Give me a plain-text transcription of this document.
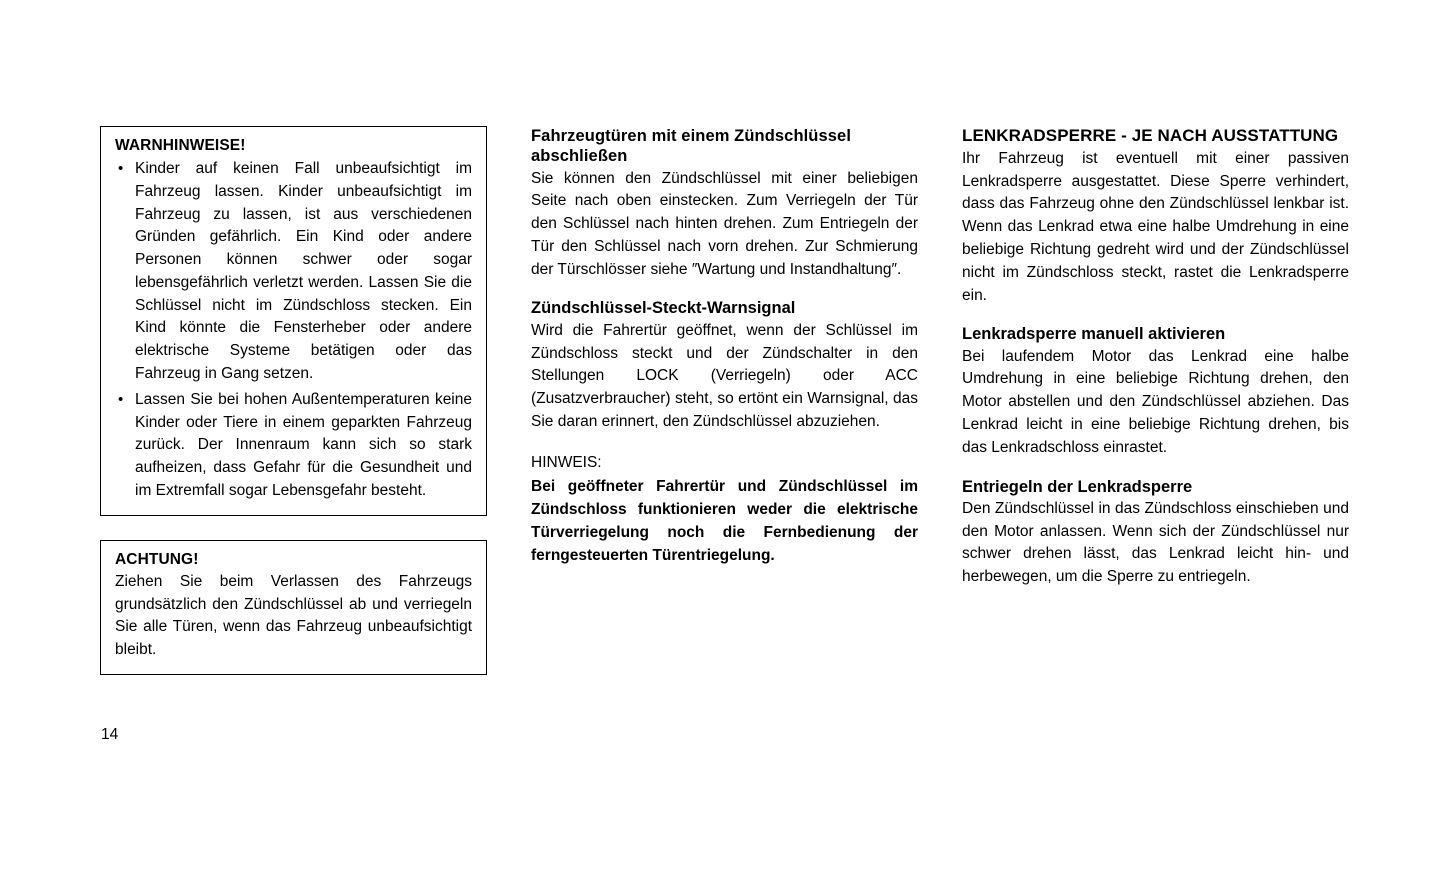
WARNHINWEISE!
• Kinder auf keinen Fall unbeaufsichtigt im Fahrzeug lassen. Kinder unbeaufsichtigt im Fahrzeug zu lassen, ist aus verschiedenen Gründen gefährlich. Ein Kind oder andere Personen können schwer oder sogar lebensgefährlich verletzt werden. Lassen Sie die Schlüssel nicht im Zündschloss stecken. Ein Kind könnte die Fensterheber oder andere elektrische Systeme betätigen oder das Fahrzeug in Gang setzen.
• Lassen Sie bei hohen Außentemperaturen keine Kinder oder Tiere in einem geparkten Fahrzeug zurück. Der Innenraum kann sich so stark aufheizen, dass Gefahr für die Gesundheit und im Extremfall sogar Lebensgefahr besteht.
ACHTUNG!

Ziehen Sie beim Verlassen des Fahrzeugs grundsätzlich den Zündschlüssel ab und verriegeln Sie alle Türen, wenn das Fahrzeug unbeaufsichtigt bleibt.

Fahrzeugtüren mit einem Zündschlüssel abschließen

Sie können den Zündschlüssel mit einer beliebigen Seite nach oben einstecken. Zum Verriegeln der Tür den Schlüssel nach hinten drehen. Zum Entriegeln der Tür den Schlüssel nach vorn drehen. Zur Schmierung der Türschlösser siehe ″Wartung und Instandhaltung″.

Zündschlüssel-Steckt-Warnsignal

Wird die Fahrertür geöffnet, wenn der Schlüssel im Zündschloss steckt und der Zündschalter in den Stellungen LOCK (Verriegeln) oder ACC (Zusatzverbraucher) steht, so ertönt ein Warnsignal, das Sie daran erinnert, den Zündschlüssel abzuziehen.

HINWEIS:

Bei geöffneter Fahrertür und Zündschlüssel im Zündschloss funktionieren weder die elektrische Türverriegelung noch die Fernbedienung der ferngesteuerten Türentriegelung.

LENKRADSPERRE - JE NACH AUSSTATTUNG

Ihr Fahrzeug ist eventuell mit einer passiven Lenkradsperre ausgestattet. Diese Sperre verhindert, dass das Fahrzeug ohne den Zündschlüssel lenkbar ist. Wenn das Lenkrad etwa eine halbe Umdrehung in eine beliebige Richtung gedreht wird und der Zündschlüssel nicht im Zündschloss steckt, rastet die Lenkradsperre ein.

Lenkradsperre manuell aktivieren

Bei laufendem Motor das Lenkrad eine halbe Umdrehung in eine beliebige Richtung drehen, den Motor abstellen und den Zündschlüssel abziehen. Das Lenkrad leicht in eine beliebige Richtung drehen, bis das Lenkradschloss einrastet.

Entriegeln der Lenkradsperre

Den Zündschlüssel in das Zündschloss einschieben und den Motor anlassen. Wenn sich der Zündschlüssel nur schwer drehen lässt, das Lenkrad leicht hin- und herbewegen, um die Sperre zu entriegeln.

14
